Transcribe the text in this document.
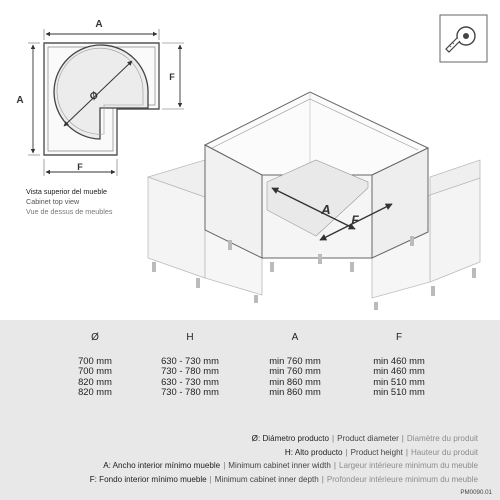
A
A
F
F
Ø
A
F
Vista superior del mueble
Cabinet top view
Vue de dessus de meubles
Ø
700 mm
700 mm
820 mm
820 mm
H
630 - 730 mm
730 - 780 mm
630 - 730 mm
730 - 780 mm
A
min 760 mm
min 760 mm
min 860 mm
min 860 mm
F
min 460 mm
min 460 mm
min 510 mm
min 510 mm
Ø: Diámetro producto | Product diameter | Diamètre du produit
H: Alto producto | Product height | Hauteur du produit
A: Ancho interior mínimo mueble | Minimum cabinet inner width | Largeur intérieure minimum du meuble
F: Fondo interior mínimo mueble | Minimum cabinet inner depth | Profondeur intérieure minimum du meuble
PM0090.01
